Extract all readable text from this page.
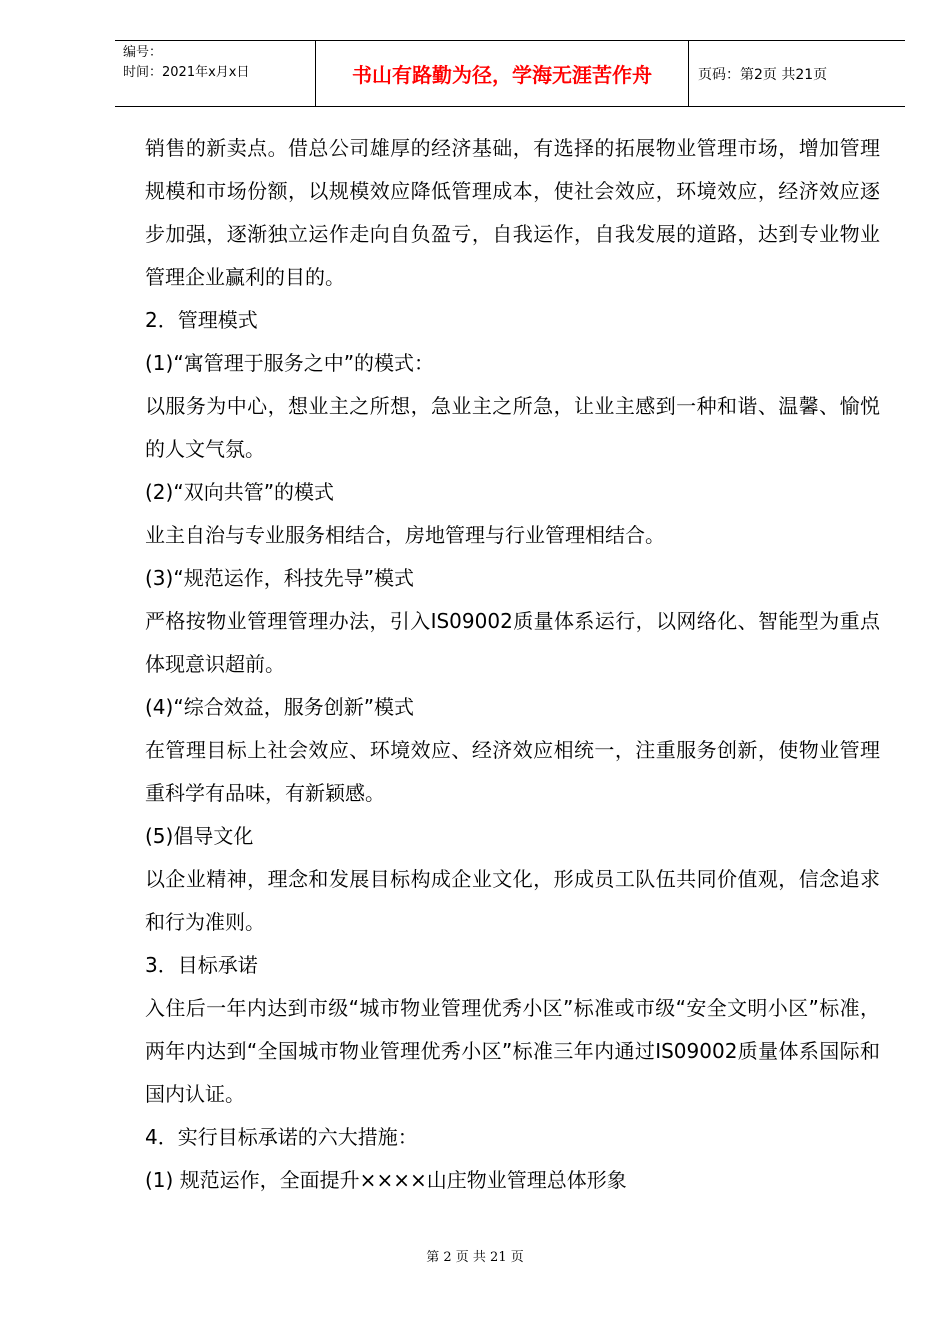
编号：
时间：2021年x月x日	书山有路勤为径，学海无涯苦作舟	页码：第2页 共21页

销售的新卖点。借总公司雄厚的经济基础，有选择的拓展物业管理市场，增加管理规模和市场份额，以规模效应降低管理成本，使社会效应，环境效应，经济效应逐步加强，逐渐独立运作走向自负盈亏，自我运作，自我发展的道路，达到专业物业管理企业赢利的目的。

2．管理模式

(1)“寓管理于服务之中”的模式：

以服务为中心，想业主之所想，急业主之所急，让业主感到一种和谐、温馨、愉悦的人文气氛。

(2)“双向共管”的模式

业主自治与专业服务相结合，房地管理与行业管理相结合。

(3)“规范运作，科技先导”模式

严格按物业管理管理办法，引入IS09002质量体系运行，以网络化、智能型为重点体现意识超前。

(4)“综合效益，服务创新”模式

在管理目标上社会效应、环境效应、经济效应相统一，注重服务创新，使物业管理重科学有品味，有新颖感。

(5)倡导文化

以企业精神，理念和发展目标构成企业文化，形成员工队伍共同价值观，信念追求和行为准则。

3．目标承诺

入住后一年内达到市级“城市物业管理优秀小区”标准或市级“安全文明小区”标准，两年内达到“全国城市物业管理优秀小区”标准三年内通过IS09002质量体系国际和国内认证。

4．实行目标承诺的六大措施：

(1) 规范运作，全面提升××××山庄物业管理总体形象

第 2 页 共 21 页
